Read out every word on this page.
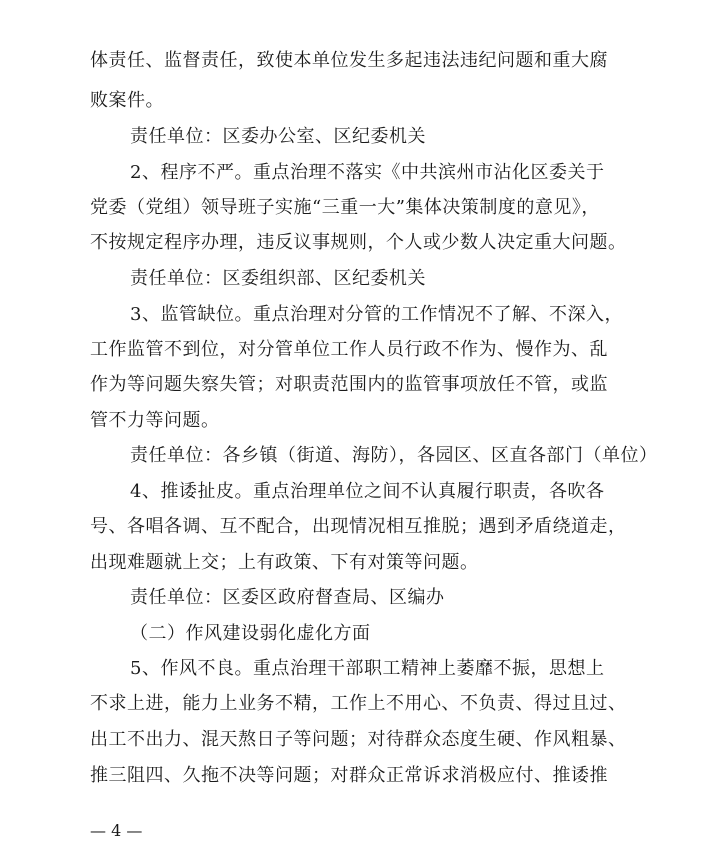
体责任、监督责任，致使本单位发生多起违法违纪问题和重大腐
败案件。
责任单位：区委办公室、区纪委机关
2、程序不严。重点治理不落实《中共滨州市沾化区委关于
党委（党组）领导班子实施“三重一大”集体决策制度的意见》，
不按规定程序办理，违反议事规则，个人或少数人决定重大问题。
责任单位：区委组织部、区纪委机关
3、监管缺位。重点治理对分管的工作情况不了解、不深入，
工作监管不到位，对分管单位工作人员行政不作为、慢作为、乱
作为等问题失察失管；对职责范围内的监管事项放任不管，或监
管不力等问题。
责任单位：各乡镇（街道、海防），各园区、区直各部门（单位）
4、推诿扯皮。重点治理单位之间不认真履行职责，各吹各
号、各唱各调、互不配合，出现情况相互推脱；遇到矛盾绕道走，
出现难题就上交；上有政策、下有对策等问题。
责任单位：区委区政府督查局、区编办
（二）作风建设弱化虚化方面
5、作风不良。重点治理干部职工精神上萎靡不振，思想上
不求上进，能力上业务不精，工作上不用心、不负责、得过且过、
出工不出力、混天熬日子等问题；对待群众态度生硬、作风粗暴、
推三阻四、久拖不决等问题；对群众正常诉求消极应付、推诿推
— 4 —
